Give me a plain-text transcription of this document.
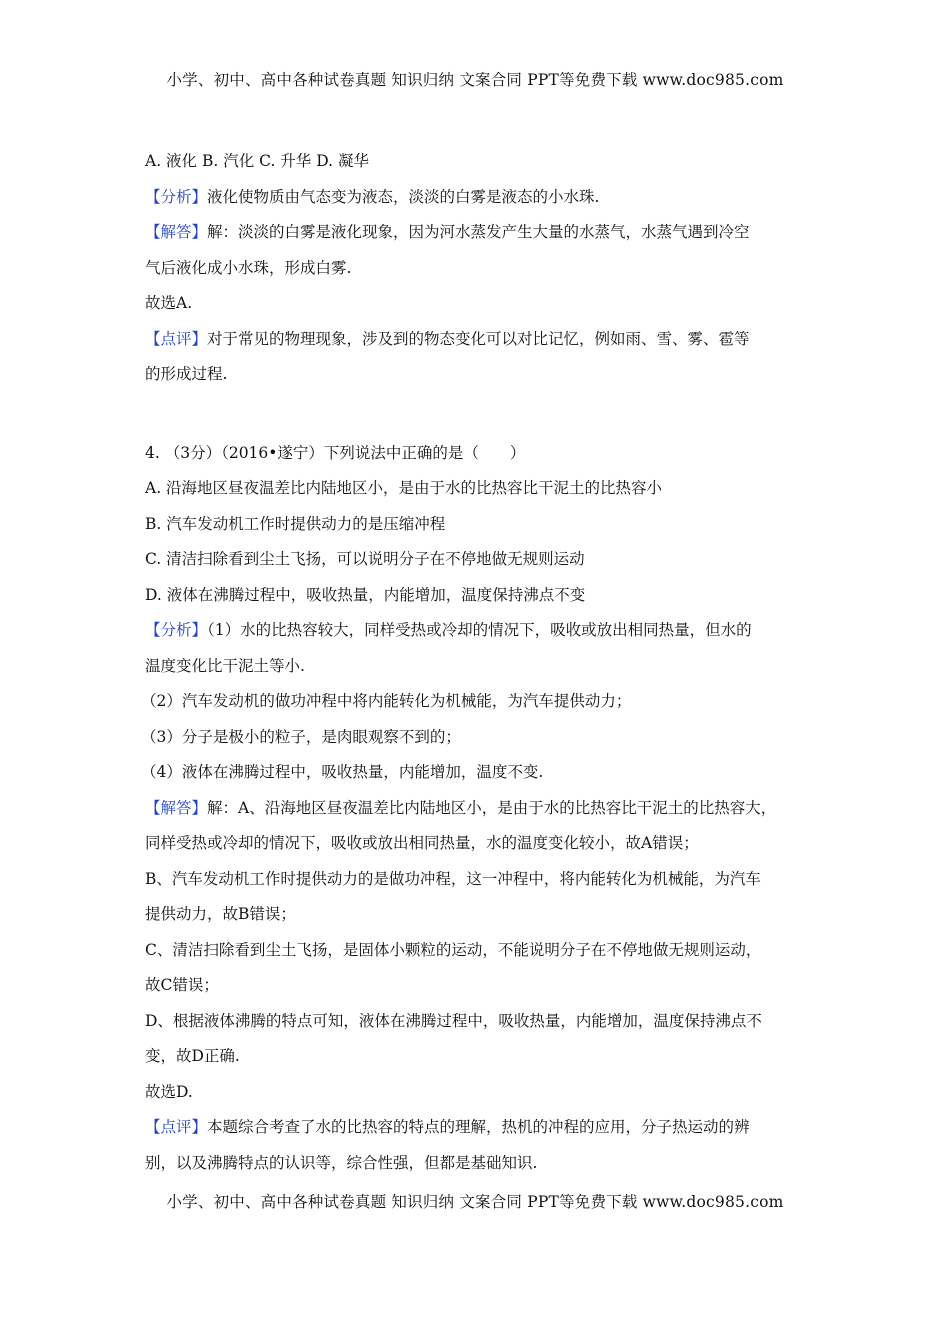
小学、初中、高中各种试卷真题 知识归纳 文案合同 PPT等免费下载 www.doc985.com
A. 液化 B. 汽化 C. 升华 D. 凝华
【分析】液化使物质由气态变为液态，淡淡的白雾是液态的小水珠.
【解答】解：淡淡的白雾是液化现象，因为河水蒸发产生大量的水蒸气，水蒸气遇到冷空
气后液化成小水珠，形成白雾.
故选A.
【点评】对于常见的物理现象，涉及到的物态变化可以对比记忆，例如雨、雪、雾、雹等
的形成过程.
4. （3分）（2016•遂宁）下列说法中正确的是（　　）
A. 沿海地区昼夜温差比内陆地区小，是由于水的比热容比干泥土的比热容小
B. 汽车发动机工作时提供动力的是压缩冲程
C. 清洁扫除看到尘土飞扬，可以说明分子在不停地做无规则运动
D. 液体在沸腾过程中，吸收热量，内能增加，温度保持沸点不变
【分析】（1）水的比热容较大，同样受热或冷却的情况下，吸收或放出相同热量，但水的
温度变化比干泥土等小.
（2）汽车发动机的做功冲程中将内能转化为机械能，为汽车提供动力；
（3）分子是极小的粒子，是肉眼观察不到的；
（4）液体在沸腾过程中，吸收热量，内能增加，温度不变.
【解答】解：A、沿海地区昼夜温差比内陆地区小，是由于水的比热容比干泥土的比热容大，
同样受热或冷却的情况下，吸收或放出相同热量，水的温度变化较小，故A错误；
B、汽车发动机工作时提供动力的是做功冲程，这一冲程中，将内能转化为机械能，为汽车
提供动力，故B错误；
C、清洁扫除看到尘土飞扬，是固体小颗粒的运动，不能说明分子在不停地做无规则运动，
故C错误；
D、根据液体沸腾的特点可知，液体在沸腾过程中，吸收热量，内能增加，温度保持沸点不
变，故D正确.
故选D.
【点评】本题综合考查了水的比热容的特点的理解，热机的冲程的应用，分子热运动的辨
别，以及沸腾特点的认识等，综合性强，但都是基础知识.
小学、初中、高中各种试卷真题 知识归纳 文案合同 PPT等免费下载 www.doc985.com
